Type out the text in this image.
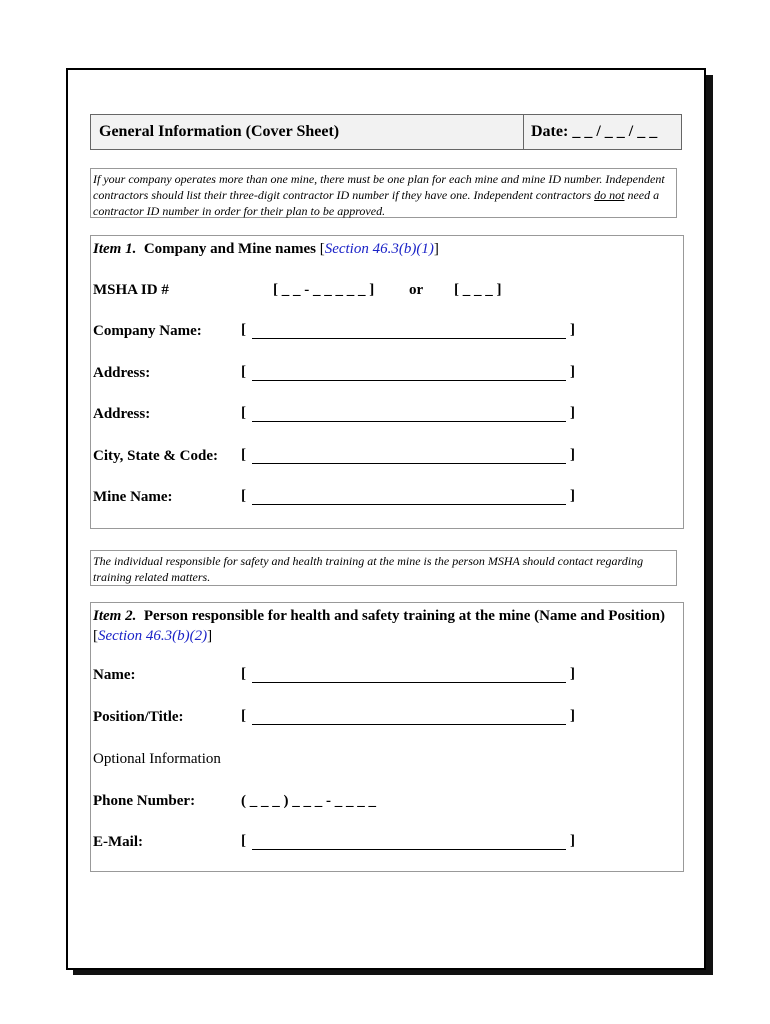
General Information (Cover Sheet)	Date: _ _ / _ _ / _ _
If your company operates more than one mine, there must be one plan for each mine and mine ID number. Independent contractors should list their three-digit contractor ID number if they have one. Independent contractors do not need a contractor ID number in order for their plan to be approved.
Item 1. Company and Mine names [Section 46.3(b)(1)]
MSHA ID #	[ _ _ - _ _ _ _ _ ] or [ _ _ _ ]
Company Name:	[	]
Address:	[	]
Address:	[	]
City, State & Code: [	]
Mine Name:	[	]
The individual responsible for safety and health training at the mine is the person MSHA should contact regarding training related matters.
Item 2. Person responsible for health and safety training at the mine (Name and Position)
[Section 46.3(b)(2)]
Name:	[	]
Position/Title:	[	]
Optional Information
Phone Number:	( _ _ _ ) _ _ _ - _ _ _ _
E-Mail:	[	]
